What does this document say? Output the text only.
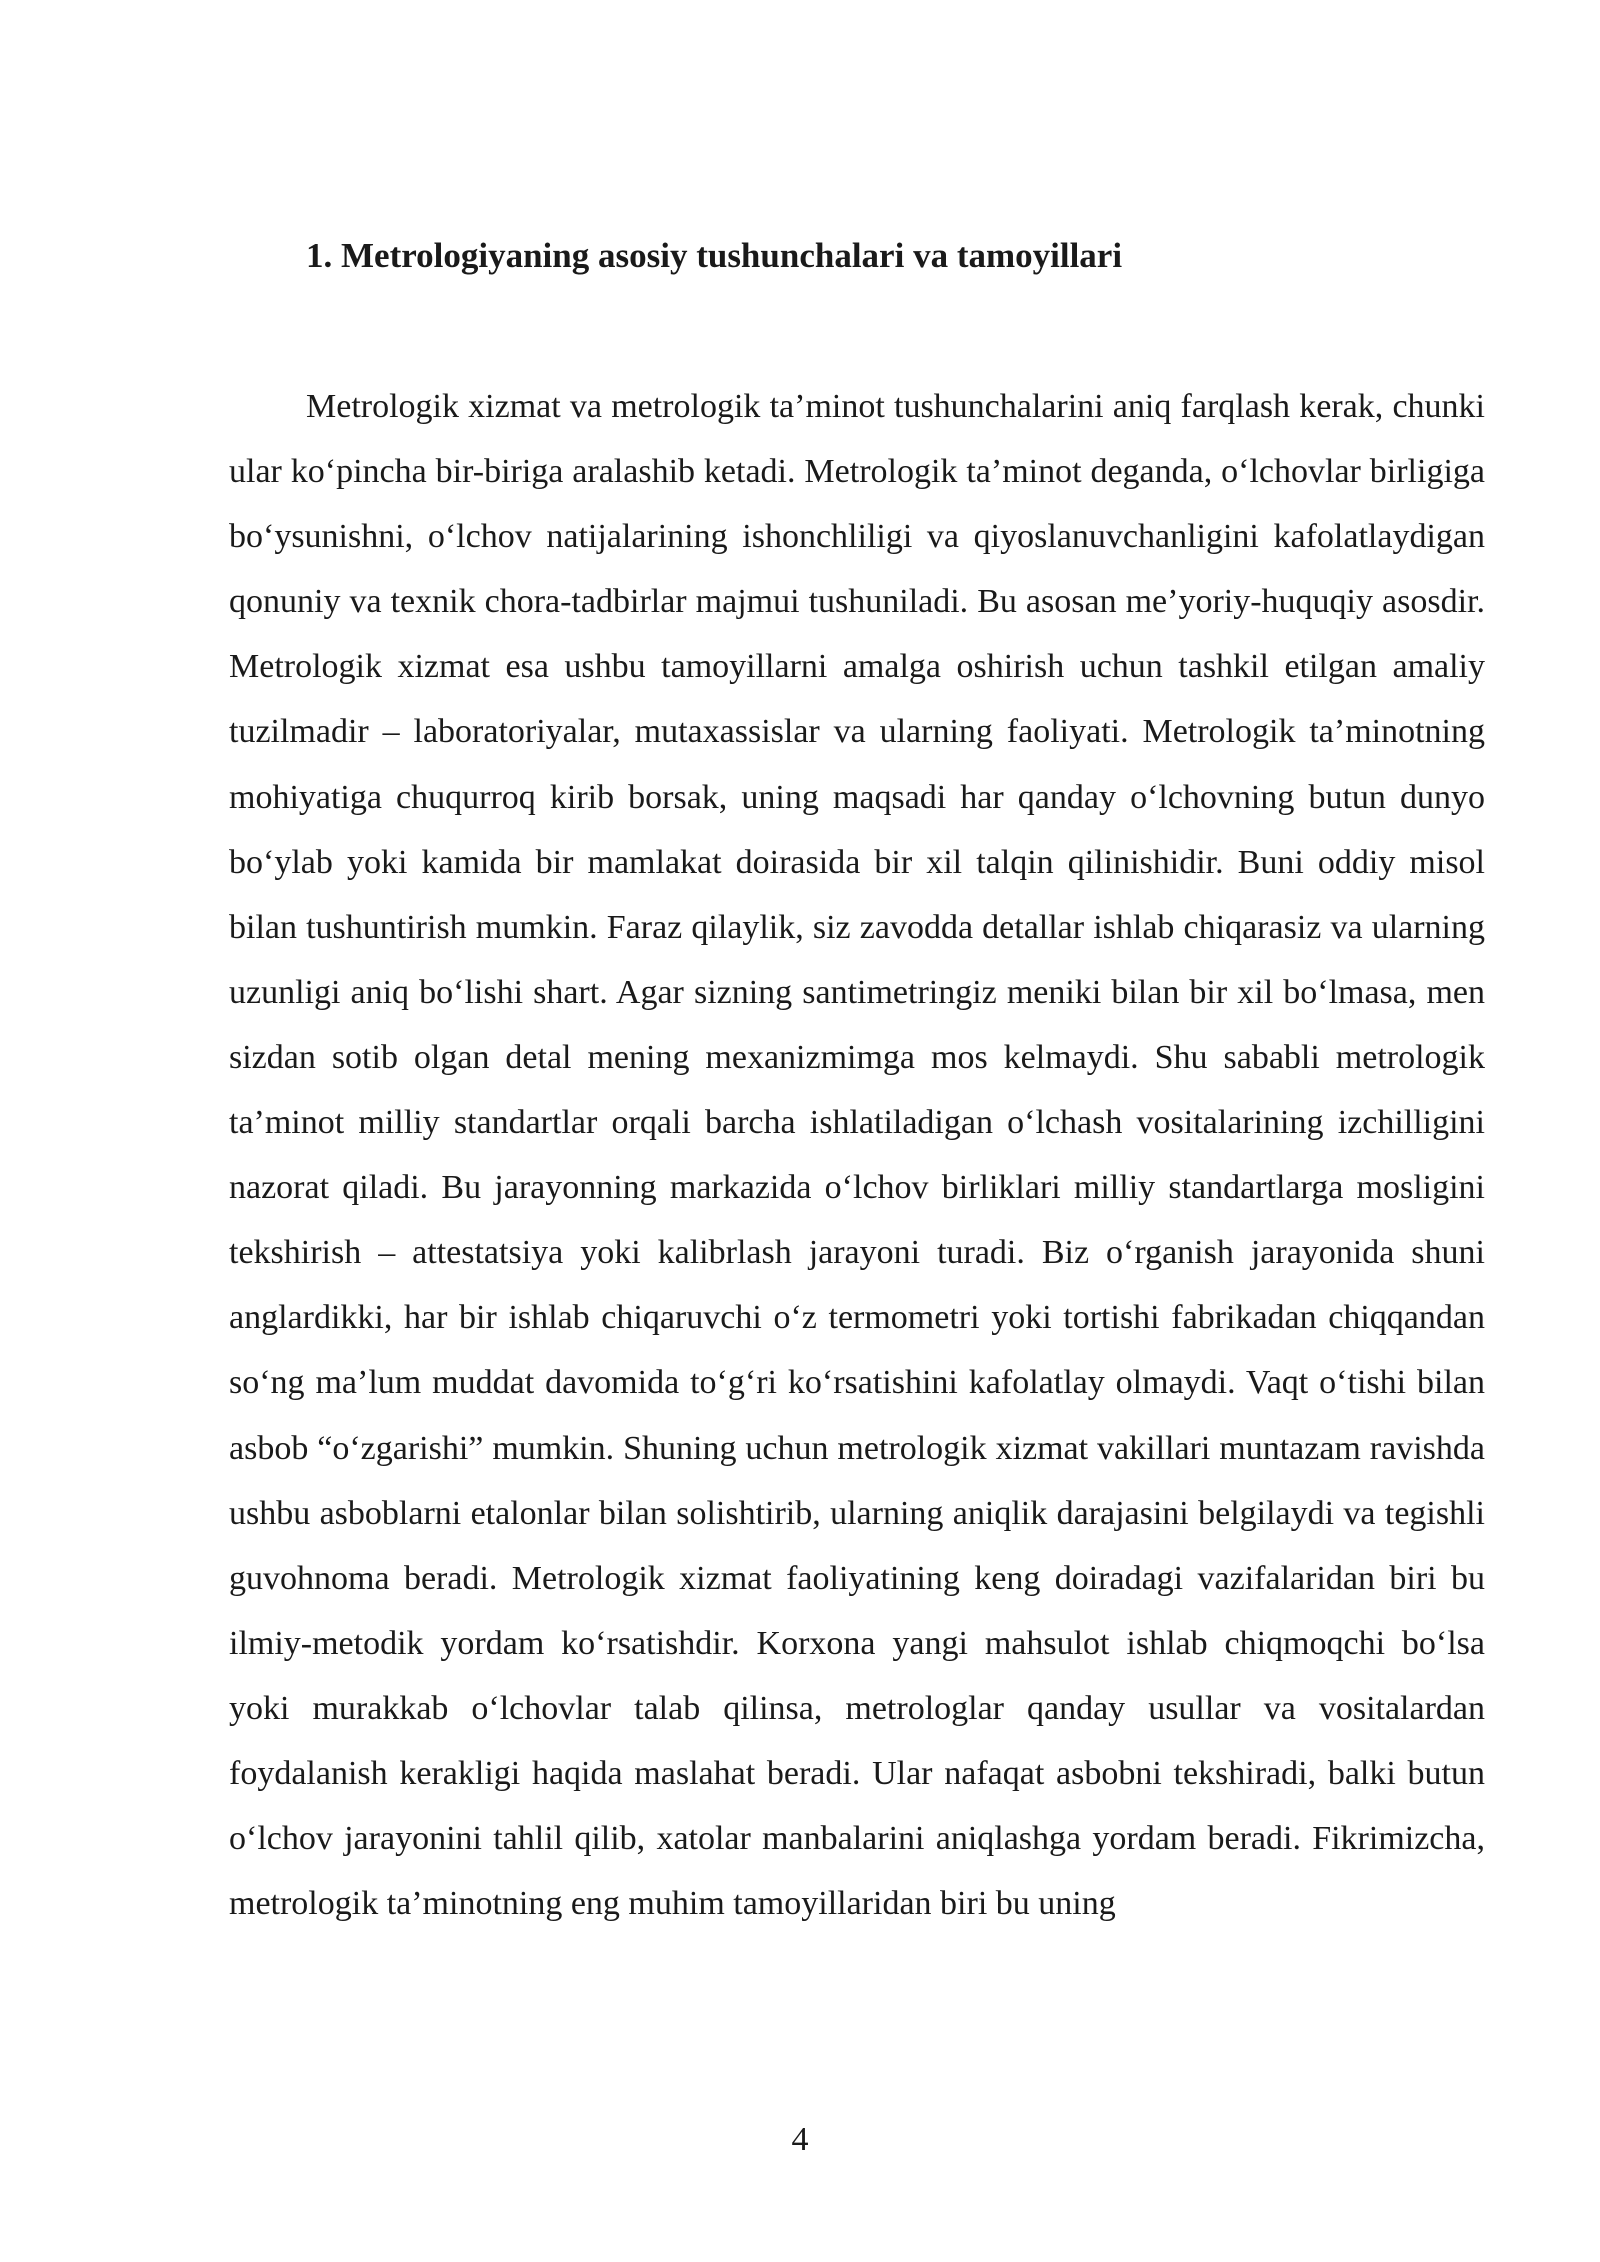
1. Metrologiyaning asosiy tushunchalari va tamoyillari

Metrologik xizmat va metrologik ta’minot tushunchalarini aniq farqlash kerak, chunki ular ko‘pincha bir-biriga aralashib ketadi. Metrologik ta’minot deganda, o‘lchovlar birligiga bo‘ysunishni, o‘lchov natijalarining ishonchliligi va qiyoslanuvchanligini kafolatlaydigan qonuniy va texnik chora-tadbirlar majmui tushuniladi. Bu asosan me’yoriy-huquqiy asosdir. Metrologik xizmat esa ushbu tamoyillarni amalga oshirish uchun tashkil etilgan amaliy tuzilmadir – laboratoriyalar, mutaxassislar va ularning faoliyati. Metrologik ta’minotning mohiyatiga chuqurroq kirib borsak, uning maqsadi har qanday o‘lchovning butun dunyo bo‘ylab yoki kamida bir mamlakat doirasida bir xil talqin qilinishidir. Buni oddiy misol bilan tushuntirish mumkin. Faraz qilaylik, siz zavodda detallar ishlab chiqarasiz va ularning uzunligi aniq bo‘lishi shart. Agar sizning santimetringiz meniki bilan bir xil bo‘lmasa, men sizdan sotib olgan detal mening mexanizmimga mos kelmaydi. Shu sababli metrologik ta’minot milliy standartlar orqali barcha ishlatiladigan o‘lchash vositalarining izchilligini nazorat qiladi. Bu jarayonning markazida o‘lchov birliklari milliy standartlarga mosligini tekshirish – attestatsiya yoki kalibrlash jarayoni turadi. Biz o‘rganish jarayonida shuni anglardikki, har bir ishlab chiqaruvchi o‘z termometri yoki tortishi fabrikadan chiqqandan so‘ng ma’lum muddat davomida to‘g‘ri ko‘rsatishini kafolatlay olmaydi. Vaqt o‘tishi bilan asbob “o‘zgarishi” mumkin. Shuning uchun metrologik xizmat vakillari muntazam ravishda ushbu asboblarni etalonlar bilan solishtirib, ularning aniqlik darajasini belgilaydi va tegishli guvohnoma beradi. Metrologik xizmat faoliyatining keng doiradagi vazifalaridan biri bu ilmiy-metodik yordam ko‘rsatishdir. Korxona yangi mahsulot ishlab chiqmoqchi bo‘lsa yoki murakkab o‘lchovlar talab qilinsa, metrologlar qanday usullar va vositalardan foydalanish kerakligi haqida maslahat beradi. Ular nafaqat asbobni tekshiradi, balki butun o‘lchov jarayonini tahlil qilib, xatolar manbalarini aniqlashga yordam beradi. Fikrimizcha, metrologik ta’minotning eng muhim tamoyillaridan biri bu uning

4
